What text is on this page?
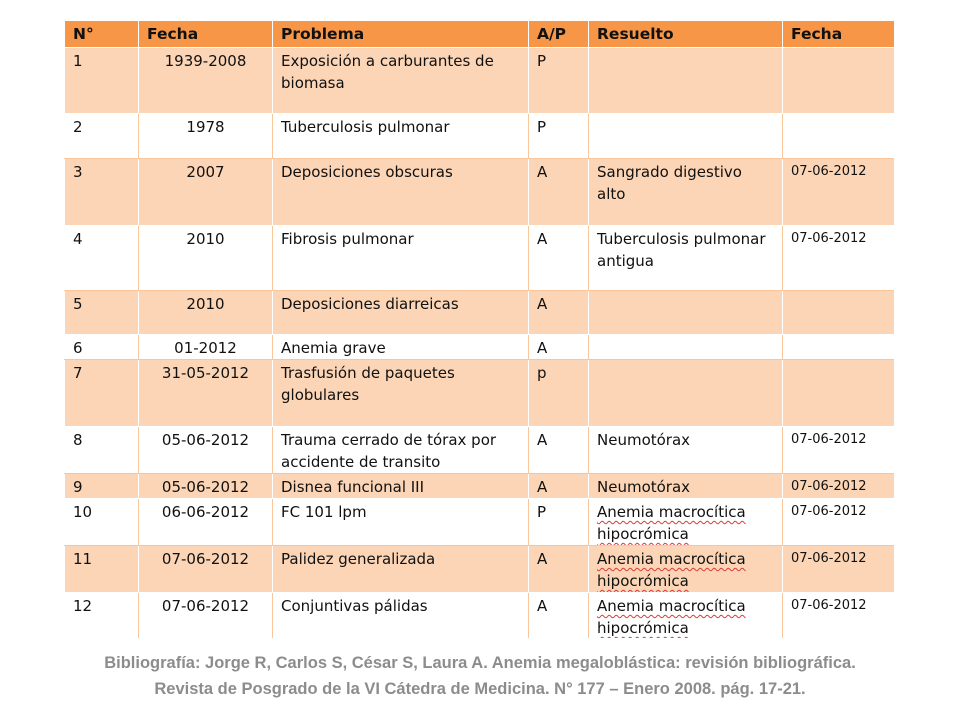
N°	Fecha	Problema	A/P	Resuelto	Fecha
1	1939-2008	Exposición a carburantes de biomasa	P		
2	1978	Tuberculosis pulmonar	P		
3	2007	Deposiciones obscuras	A	Sangrado digestivo alto	07-06-2012
4	2010	Fibrosis pulmonar	A	Tuberculosis pulmonar antigua	07-06-2012
5	2010	Deposiciones diarreicas	A		
6	01-2012	Anemia grave	A		
7	31-05-2012	Trasfusión de paquetes globulares	p		
8	05-06-2012	Trauma cerrado de tórax por accidente de transito	A	Neumotórax	07-06-2012
9	05-06-2012	Disnea funcional III	A	Neumotórax	07-06-2012
10	06-06-2012	FC 101 lpm	P	Anemia macrocítica hipocrómica	07-06-2012
11	07-06-2012	Palidez generalizada	A	Anemia macrocítica hipocrómica	07-06-2012
12	07-06-2012	Conjuntivas pálidas	A	Anemia macrocítica hipocrómica	07-06-2012
Bibliografía: Jorge R, Carlos S, César S, Laura A. Anemia megaloblástica: revisión bibliográfica.
Revista de Posgrado de la VI Cátedra de Medicina. N° 177 – Enero 2008. pág. 17-21.
